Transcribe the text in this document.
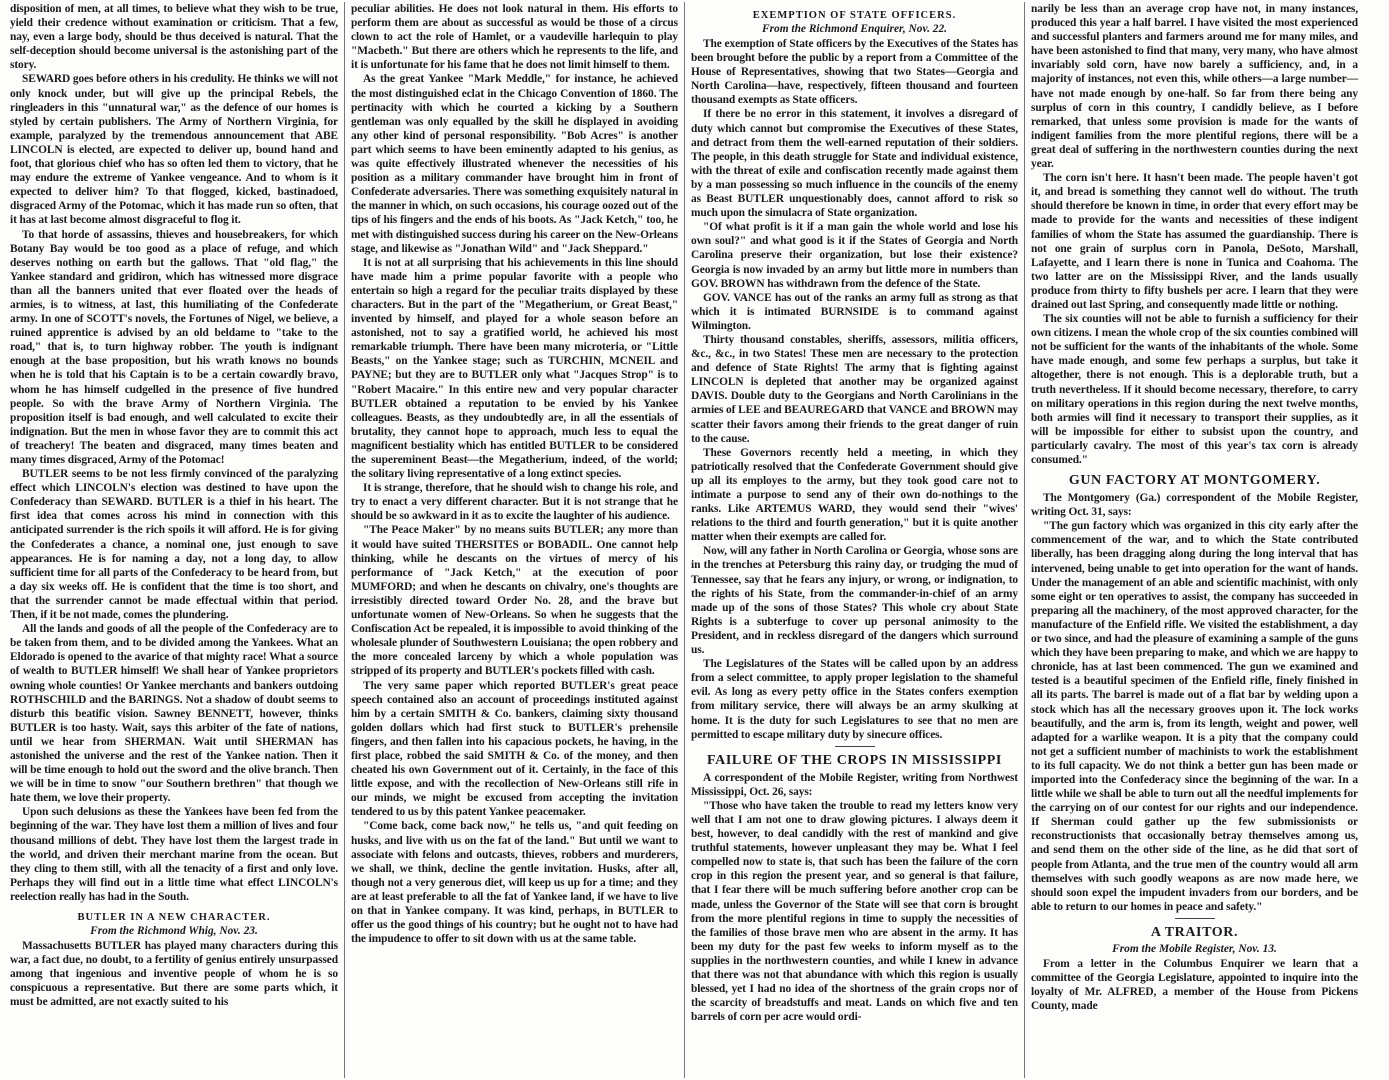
disposition of men, at all times, to believe what they wish to be true, yield their credence without examination or criticism. That a few, nay, even a large body, should be thus deceived is natural. That the self-deception should become universal is the astonishing part of the story.

SEWARD goes before others in his credulity. He thinks we will not only knock under, but will give up the principal Rebels, the ringleaders in this "unnatural war," as the defence of our homes is styled by certain publishers. The Army of Northern Virginia, for example, paralyzed by the tremendous announcement that ABE LINCOLN is elected, are expected to deliver up, bound hand and foot, that glorious chief who has so often led them to victory, that he may endure the extreme of Yankee vengeance. And to whom is it expected to deliver him? To that flogged, kicked, bastinadoed, disgraced Army of the Potomac, which it has made run so often, that it has at last become almost disgraceful to flog it.

To that horde of assassins, thieves and housebreakers, for which Botany Bay would be too good as a place of refuge, and which deserves nothing on earth but the gallows. That "old flag," the Yankee standard and gridiron, which has witnessed more disgrace than all the banners united that ever floated over the heads of armies, is to witness, at last, this humiliating of the Confederate army. In one of SCOTT's novels, the Fortunes of Nigel, we believe, a ruined apprentice is advised by an old beldame to "take to the road," that is, to turn highway robber. The youth is indignant enough at the base proposition, but his wrath knows no bounds when he is told that his Captain is to be a certain cowardly bravo, whom he has himself cudgelled in the presence of five hundred people. So with the brave Army of Northern Virginia. The proposition itself is bad enough, and well calculated to excite their indignation. But the men in whose favor they are to commit this act of treachery! The beaten and disgraced, many times beaten and many times disgraced, Army of the Potomac!

BUTLER seems to be not less firmly convinced of the paralyzing effect which LINCOLN's election was destined to have upon the Confederacy than SEWARD. BUTLER is a thief in his heart. The first idea that comes across his mind in connection with this anticipated surrender is the rich spoils it will afford. He is for giving the Confederates a chance, a nominal one, just enough to save appearances. He is for naming a day, not a long day, to allow sufficient time for all parts of the Confederacy to be heard from, but a day six weeks off. He is confident that the time is too short, and that the surrender cannot be made effectual within that period. Then, if it be not made, comes the plundering.

All the lands and goods of all the people of the Confederacy are to be taken from them, and to be divided among the Yankees. What an Eldorado is opened to the avarice of that mighty race! What a source of wealth to BUTLER himself! We shall hear of Yankee proprietors owning whole counties! Or Yankee merchants and bankers outdoing ROTHSCHILD and the BARINGS. Not a shadow of doubt seems to disturb this beatific vision. Sawney BENNETT, however, thinks BUTLER is too hasty. Wait, says this arbiter of the fate of nations, until we hear from SHERMAN. Wait until SHERMAN has astonished the universe and the rest of the Yankee nation. Then it will be time enough to hold out the sword and the olive branch. Then we will be in time to snow "our Southern brethren" that though we hate them, we love their property.

Upon such delusions as these the Yankees have been fed from the beginning of the war. They have lost them a million of lives and four thousand millions of debt. They have lost them the largest trade in the world, and driven their merchant marine from the ocean. But they cling to them still, with all the tenacity of a first and only love. Perhaps they will find out in a little time what effect LINCOLN's reelection really has had in the South.

BUTLER IN A NEW CHARACTER.
From the Richmond Whig, Nov. 23.

Massachusetts BUTLER has played many characters during this war, a fact due, no doubt, to a fertility of genius entirely unsurpassed among that ingenious and inventive people of whom he is so conspicuous a representative. But there are some parts which, it must be admitted, are not exactly suited to his

peculiar abilities. He does not look natural in them. His efforts to perform them are about as successful as would be those of a circus clown to act the role of Hamlet, or a vaudeville harlequin to play "Macbeth." But there are others which he represents to the life, and it is unfortunate for his fame that he does not limit himself to them.

As the great Yankee "Mark Meddle," for instance, he achieved the most distinguished eclat in the Chicago Convention of 1860. The pertinacity with which he courted a kicking by a Southern gentleman was only equalled by the skill he displayed in avoiding any other kind of personal responsibility. "Bob Acres" is another part which seems to have been eminently adapted to his genius, as was quite effectively illustrated whenever the necessities of his position as a military commander have brought him in front of Confederate adversaries. There was something exquisitely natural in the manner in which, on such occasions, his courage oozed out of the tips of his fingers and the ends of his boots. As "Jack Ketch," too, he met with distinguished success during his career on the New-Orleans stage, and likewise as "Jonathan Wild" and "Jack Sheppard."

It is not at all surprising that his achievements in this line should have made him a prime popular favorite with a people who entertain so high a regard for the peculiar traits displayed by these characters. But in the part of the "Megatherium, or Great Beast," invented by himself, and played for a whole season before an astonished, not to say a gratified world, he achieved his most remarkable triumph. There have been many microteria, or "Little Beasts," on the Yankee stage; such as TURCHIN, MCNEIL and PAYNE; but they are to BUTLER only what "Jacques Strop" is to "Robert Macaire." In this entire new and very popular character BUTLER obtained a reputation to be envied by his Yankee colleagues. Beasts, as they undoubtedly are, in all the essentials of brutality, they cannot hope to approach, much less to equal the magnificent bestiality which has entitled BUTLER to be considered the supereminent Beast—the Megatherium, indeed, of the world; the solitary living representative of a long extinct species.

It is strange, therefore, that he should wish to change his role, and try to enact a very different character. But it is not strange that he should be so awkward in it as to excite the laughter of his audience.

"The Peace Maker" by no means suits BUTLER; any more than it would have suited THERSITES or BOBADIL. One cannot help thinking, while he descants on the virtues of mercy of his performance of "Jack Ketch," at the execution of poor MUMFORD; and when he descants on chivalry, one's thoughts are irresistibly directed toward Order No. 28, and the brave but unfortunate women of New-Orleans. So when he suggests that the Confiscation Act be repealed, it is impossible to avoid thinking of the wholesale plunder of Southwestern Louisiana; the open robbery and the more concealed larceny by which a whole population was stripped of its property and BUTLER's pockets filled with cash.

The very same paper which reported BUTLER's great peace speech contained also an account of proceedings instituted against him by a certain SMITH & Co. bankers, claiming sixty thousand golden dollars which had first stuck to BUTLER's prehensile fingers, and then fallen into his capacious pockets, he having, in the first place, robbed the said SMITH & Co. of the money, and then cheated his own Government out of it. Certainly, in the face of this little expose, and with the recollection of New-Orleans still rife in our minds, we might be excused from accepting the invitation tendered to us by this patent Yankee peacemaker.

"Come back, come back now," he tells us, "and quit feeding on husks, and live with us on the fat of the land." But until we want to associate with felons and outcasts, thieves, robbers and murderers, we shall, we think, decline the gentle invitation. Husks, after all, though not a very generous diet, will keep us up for a time; and they are at least preferable to all the fat of Yankee land, if we have to live on that in Yankee company. It was kind, perhaps, in BUTLER to offer us the good things of his country; but he ought not to have had the impudence to offer to sit down with us at the same table.

EXEMPTION OF STATE OFFICERS.
From the Richmond Enquirer, Nov. 22.

The exemption of State officers by the Executives of the States has been brought before the public by a report from a Committee of the House of Representatives, showing that two States—Georgia and North Carolina—have, respectively, fifteen thousand and fourteen thousand exempts as State officers.

If there be no error in this statement, it involves a disregard of duty which cannot but compromise the Executives of these States, and detract from them the well-earned reputation of their soldiers. The people, in this death struggle for State and individual existence, with the threat of exile and confiscation recently made against them by a man possessing so much influence in the councils of the enemy as Beast BUTLER unquestionably does, cannot afford to risk so much upon the simulacra of State organization.

"Of what profit is it if a man gain the whole world and lose his own soul?" and what good is it if the States of Georgia and North Carolina preserve their organization, but lose their existence? Georgia is now invaded by an army but little more in numbers than GOV. BROWN has withdrawn from the defence of the State.

GOV. VANCE has out of the ranks an army full as strong as that which it is intimated BURNSIDE is to command against Wilmington.

Thirty thousand constables, sheriffs, assessors, militia officers, &c., &c., in two States! These men are necessary to the protection and defence of State Rights! The army that is fighting against LINCOLN is depleted that another may be organized against DAVIS. Double duty to the Georgians and North Carolinians in the armies of LEE and BEAUREGARD that VANCE and BROWN may scatter their favors among their friends to the great danger of ruin to the cause.

These Governors recently held a meeting, in which they patriotically resolved that the Confederate Government should give up all its employes to the army, but they took good care not to intimate a purpose to send any of their own do-nothings to the ranks. Like ARTEMUS WARD, they would send their "wives' relations to the third and fourth generation," but it is quite another matter when their exempts are called for.

Now, will any father in North Carolina or Georgia, whose sons are in the trenches at Petersburg this rainy day, or trudging the mud of Tennessee, say that he fears any injury, or wrong, or indignation, to the rights of his State, from the commander-in-chief of an army made up of the sons of those States? This whole cry about State Rights is a subterfuge to cover up personal animosity to the President, and in reckless disregard of the dangers which surround us.

The Legislatures of the States will be called upon by an address from a select committee, to apply proper legislation to the shameful evil. As long as every petty office in the States confers exemption from military service, there will always be an army skulking at home. It is the duty for such Legislatures to see that no men are permitted to escape military duty by sinecure offices.

FAILURE OF THE CROPS IN MISSISSIPPI

A correspondent of the Mobile Register, writing from Northwest Mississippi, Oct. 26, says:

"Those who have taken the trouble to read my letters know very well that I am not one to draw glowing pictures. I always deem it best, however, to deal candidly with the rest of mankind and give truthful statements, however unpleasant they may be. What I feel compelled now to state is, that such has been the failure of the corn crop in this region the present year, and so general is that failure, that I fear there will be much suffering before another crop can be made, unless the Governor of the State will see that corn is brought from the more plentiful regions in time to supply the necessities of the families of those brave men who are absent in the army. It has been my duty for the past few weeks to inform myself as to the supplies in the northwestern counties, and while I knew in advance that there was not that abundance with which this region is usually blessed, yet I had no idea of the shortness of the grain crops nor of the scarcity of breadstuffs and meat. Lands on which five and ten barrels of corn per acre would ordi-

narily be less than an average crop have not, in many instances, produced this year a half barrel. I have visited the most experienced and successful planters and farmers around me for many miles, and have been astonished to find that many, very many, who have almost invariably sold corn, have now barely a sufficiency, and, in a majority of instances, not even this, while others—a large number—have not made enough by one-half. So far from there being any surplus of corn in this country, I candidly believe, as I before remarked, that unless some provision is made for the wants of indigent families from the more plentiful regions, there will be a great deal of suffering in the northwestern counties during the next year.

The corn isn't here. It hasn't been made. The people haven't got it, and bread is something they cannot well do without. The truth should therefore be known in time, in order that every effort may be made to provide for the wants and necessities of these indigent families of whom the State has assumed the guardianship. There is not one grain of surplus corn in Panola, DeSoto, Marshall, Lafayette, and I learn there is none in Tunica and Coahoma. The two latter are on the Mississippi River, and the lands usually produce from thirty to fifty bushels per acre. I learn that they were drained out last Spring, and consequently made little or nothing.

The six counties will not be able to furnish a sufficiency for their own citizens. I mean the whole crop of the six counties combined will not be sufficient for the wants of the inhabitants of the whole. Some have made enough, and some few perhaps a surplus, but take it altogether, there is not enough. This is a deplorable truth, but a truth nevertheless. If it should become necessary, therefore, to carry on military operations in this region during the next twelve months, both armies will find it necessary to transport their supplies, as it will be impossible for either to subsist upon the country, and particularly cavalry. The most of this year's tax corn is already consumed."

GUN FACTORY AT MONTGOMERY.

The Montgomery (Ga.) correspondent of the Mobile Register, writing Oct. 31, says:

"The gun factory which was organized in this city early after the commencement of the war, and to which the State contributed liberally, has been dragging along during the long interval that has intervened, being unable to get into operation for the want of hands. Under the management of an able and scientific machinist, with only some eight or ten operatives to assist, the company has succeeded in preparing all the machinery, of the most approved character, for the manufacture of the Enfield rifle. We visited the establishment, a day or two since, and had the pleasure of examining a sample of the guns which they have been preparing to make, and which we are happy to chronicle, has at last been commenced. The gun we examined and tested is a beautiful specimen of the Enfield rifle, finely finished in all its parts. The barrel is made out of a flat bar by welding upon a stock which has all the necessary grooves upon it. The lock works beautifully, and the arm is, from its length, weight and power, well adapted for a warlike weapon. It is a pity that the company could not get a sufficient number of machinists to work the establishment to its full capacity. We do not think a better gun has been made or imported into the Confederacy since the beginning of the war. In a little while we shall be able to turn out all the needful implements for the carrying on of our contest for our rights and our independence. If Sherman could gather up the few submissionists or reconstructionists that occasionally betray themselves among us, and send them on the other side of the line, as he did that sort of people from Atlanta, and the true men of the country would all arm themselves with such goodly weapons as are now made here, we should soon expel the impudent invaders from our borders, and be able to return to our homes in peace and safety."

A TRAITOR.
From the Mobile Register, Nov. 13.

From a letter in the Columbus Enquirer we learn that a committee of the Georgia Legislature, appointed to inquire into the loyalty of Mr. ALFRED, a member of the House from Pickens County, made
